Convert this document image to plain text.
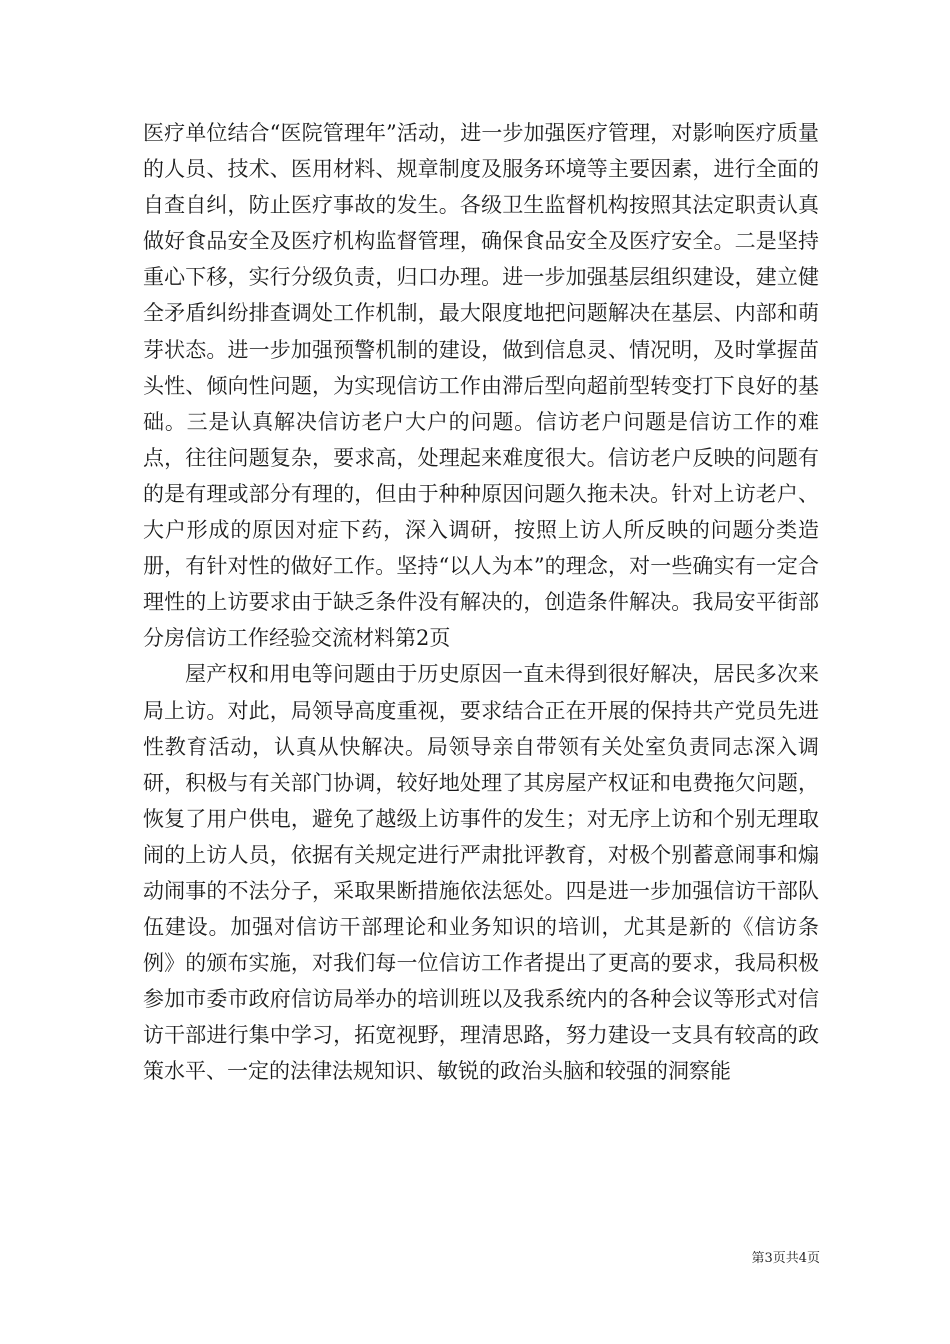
医疗单位结合“医院管理年”活动，进一步加强医疗管理，对影响医疗质量的人员、技术、医用材料、规章制度及服务环境等主要因素，进行全面的自查自纠，防止医疗事故的发生。各级卫生监督机构按照其法定职责认真做好食品安全及医疗机构监督管理，确保食品安全及医疗安全。二是坚持重心下移，实行分级负责，归口办理。进一步加强基层组织建设，建立健全矛盾纠纷排查调处工作机制，最大限度地把问题解决在基层、内部和萌芽状态。进一步加强预警机制的建设，做到信息灵、情况明，及时掌握苗头性、倾向性问题，为实现信访工作由滞后型向超前型转变打下良好的基础。三是认真解决信访老户大户的问题。信访老户问题是信访工作的难点，往往问题复杂，要求高，处理起来难度很大。信访老户反映的问题有的是有理或部分有理的，但由于种种原因问题久拖未决。针对上访老户、大户形成的原因对症下药，深入调研，按照上访人所反映的问题分类造册，有针对性的做好工作。坚持“以人为本”的理念，对一些确实有一定合理性的上访要求由于缺乏条件没有解决的，创造条件解决。我局安平街部分房信访工作经验交流材料第2页

屋产权和用电等问题由于历史原因一直未得到很好解决，居民多次来局上访。对此，局领导高度重视，要求结合正在开展的保持共产党员先进性教育活动，认真从快解决。局领导亲自带领有关处室负责同志深入调研，积极与有关部门协调，较好地处理了其房屋产权证和电费拖欠问题，恢复了用户供电，避免了越级上访事件的发生；对无序上访和个别无理取闹的上访人员，依据有关规定进行严肃批评教育，对极个别蓄意闹事和煽动闹事的不法分子，采取果断措施依法惩处。四是进一步加强信访干部队伍建设。加强对信访干部理论和业务知识的培训，尤其是新的《信访条例》的颁布实施，对我们每一位信访工作者提出了更高的要求，我局积极参加市委市政府信访局举办的培训班以及我系统内的各种会议等形式对信访干部进行集中学习，拓宽视野，理清思路，努力建设一支具有较高的政策水平、一定的法律法规知识、敏锐的政治头脑和较强的洞察能

第3页共4页
